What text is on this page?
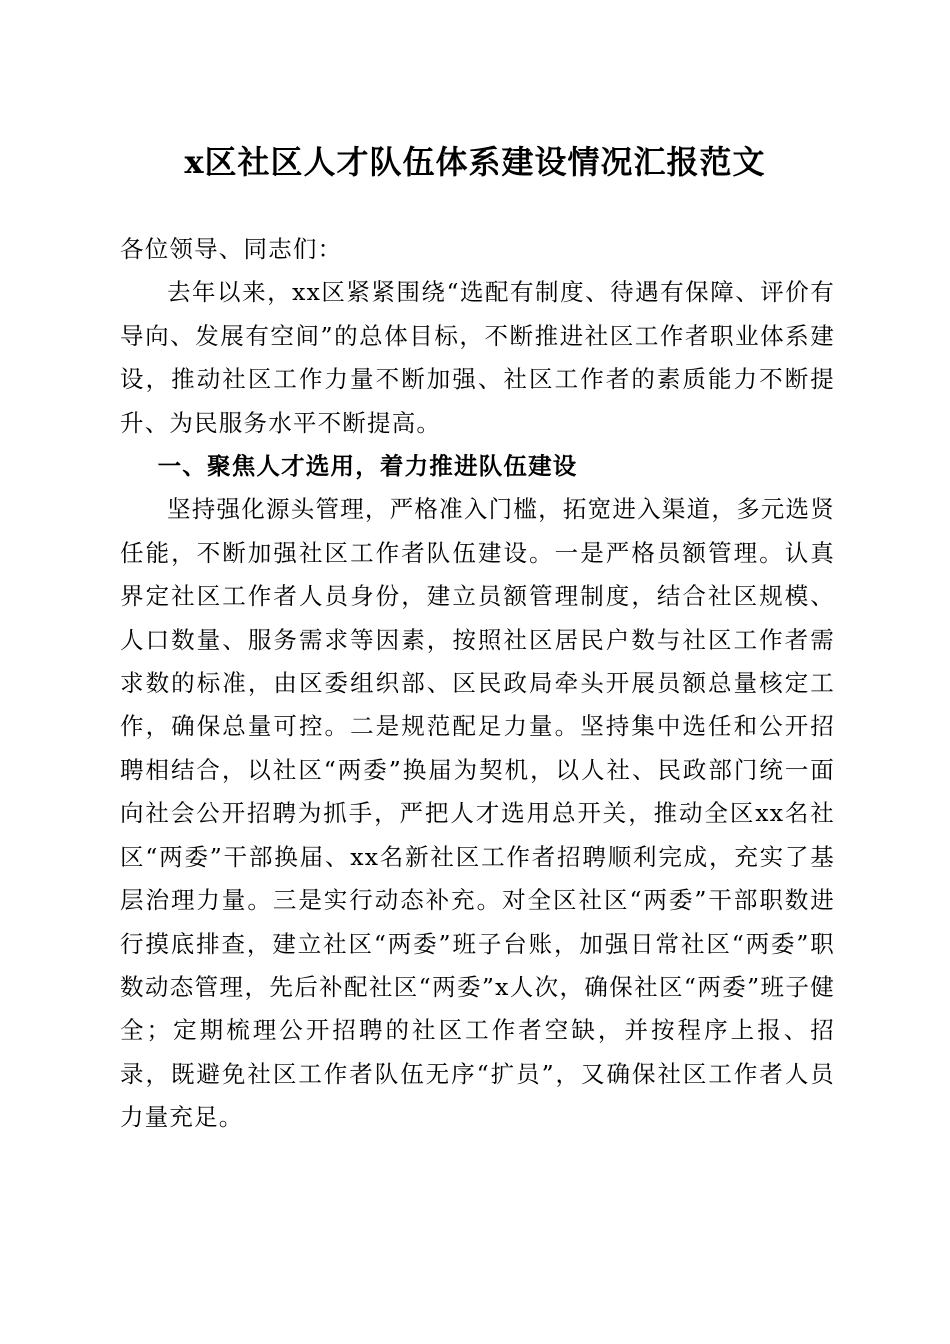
x区社区人才队伍体系建设情况汇报范文

各位领导、同志们：

去年以来，xx区紧紧围绕“选配有制度、待遇有保障、评价有导向、发展有空间”的总体目标，不断推进社区工作者职业体系建设，推动社区工作力量不断加强、社区工作者的素质能力不断提升、为民服务水平不断提高。

一、聚焦人才选用，着力推进队伍建设

坚持强化源头管理，严格准入门槛，拓宽进入渠道，多元选贤任能，不断加强社区工作者队伍建设。一是严格员额管理。认真界定社区工作者人员身份，建立员额管理制度，结合社区规模、人口数量、服务需求等因素，按照社区居民户数与社区工作者需求数的标准，由区委组织部、区民政局牵头开展员额总量核定工作，确保总量可控。二是规范配足力量。坚持集中选任和公开招聘相结合，以社区“两委”换届为契机，以人社、民政部门统一面向社会公开招聘为抓手，严把人才选用总开关，推动全区xx名社区“两委”干部换届、xx名新社区工作者招聘顺利完成，充实了基层治理力量。三是实行动态补充。对全区社区“两委”干部职数进行摸底排查，建立社区“两委”班子台账，加强日常社区“两委”职数动态管理，先后补配社区“两委”x人次，确保社区“两委”班子健全；定期梳理公开招聘的社区工作者空缺，并按程序上报、招录，既避免社区工作者队伍无序“扩员”，又确保社区工作者人员力量充足。
